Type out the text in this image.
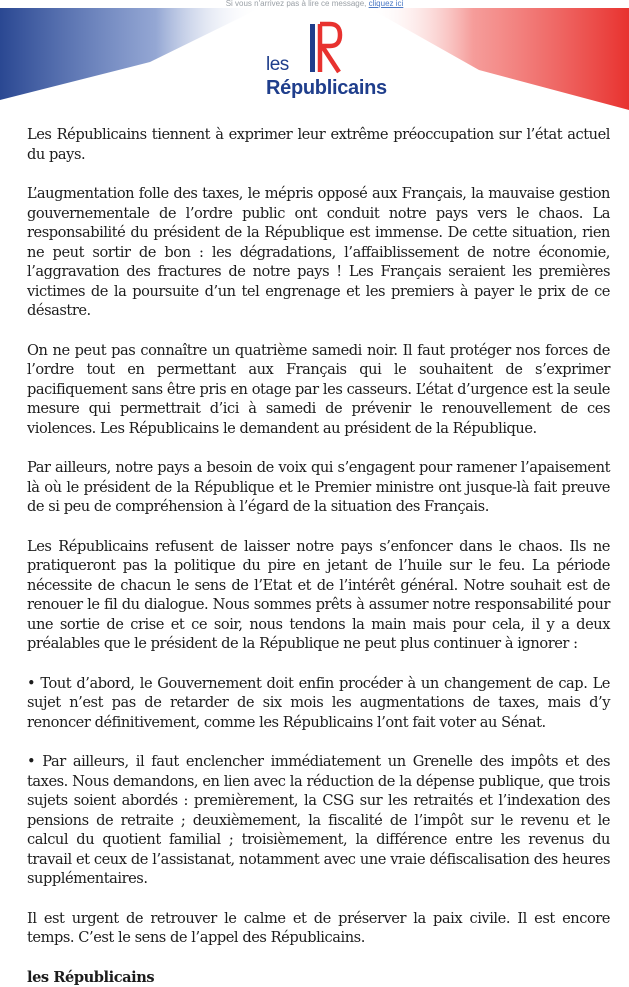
Si vous n'arrivez pas à lire ce message, cliquez ici
les
Républicains

Les Républicains tiennent à exprimer leur extrême préoccupation sur l’état actuel du pays.

L’augmentation folle des taxes, le mépris opposé aux Français, la mauvaise gestion gouvernementale de l’ordre public ont conduit notre pays vers le chaos. La responsabilité du président de la République est immense. De cette situation, rien ne peut sortir de bon : les dégradations, l’affaiblissement de notre économie, l’aggravation des fractures de notre pays ! Les Français seraient les premières victimes de la poursuite d’un tel engrenage et les premiers à payer le prix de ce désastre.

On ne peut pas connaître un quatrième samedi noir. Il faut protéger nos forces de l’ordre tout en permettant aux Français qui le souhaitent de s’exprimer pacifiquement sans être pris en otage par les casseurs. L’état d’urgence est la seule mesure qui permettrait d’ici à samedi de prévenir le renouvellement de ces violences. Les Républicains le demandent au président de la République.

Par ailleurs, notre pays a besoin de voix qui s’engagent pour ramener l’apaisement là où le président de la République et le Premier ministre ont jusque-là fait preuve de si peu de compréhension à l’égard de la situation des Français.

Les Républicains refusent de laisser notre pays s’enfoncer dans le chaos. Ils ne pratiqueront pas la politique du pire en jetant de l’huile sur le feu. La période nécessite de chacun le sens de l’Etat et de l’intérêt général. Notre souhait est de renouer le fil du dialogue. Nous sommes prêts à assumer notre responsabilité pour une sortie de crise et ce soir, nous tendons la main mais pour cela, il y a deux préalables que le président de la République ne peut plus continuer à ignorer :

• Tout d’abord, le Gouvernement doit enfin procéder à un changement de cap. Le sujet n’est pas de retarder de six mois les augmentations de taxes, mais d’y renoncer définitivement, comme les Républicains l’ont fait voter au Sénat.

• Par ailleurs, il faut enclencher immédiatement un Grenelle des impôts et des taxes. Nous demandons, en lien avec la réduction de la dépense publique, que trois sujets soient abordés : premièrement, la CSG sur les retraités et l’indexation des pensions de retraite ; deuxièmement, la fiscalité de l’impôt sur le revenu et le calcul du quotient familial ; troisièmement, la différence entre les revenus du travail et ceux de l’assistanat, notamment avec une vraie défiscalisation des heures supplémentaires.

Il est urgent de retrouver le calme et de préserver la paix civile. Il est encore temps. C’est le sens de l’appel des Républicains.

les Républicains
